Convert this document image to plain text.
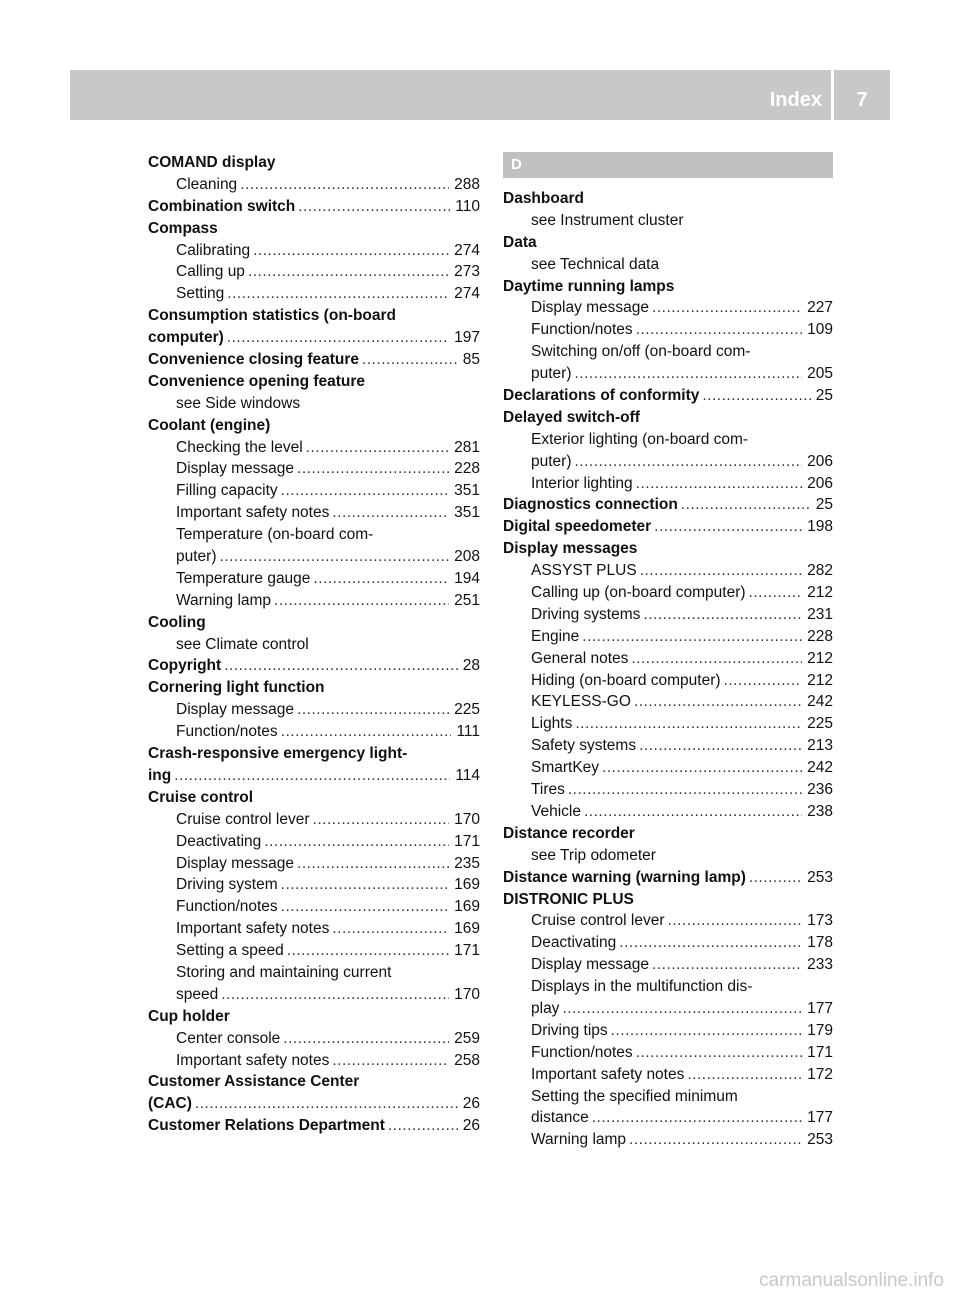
Index	7
COMAND display
Cleaning .....	288
Combination switch .....	110
Compass
Calibrating .....	274
Calling up .....	273
Setting .....	274
Consumption statistics (on-board
computer) .....	197
Convenience closing feature .....	85
Convenience opening feature
see Side windows
Coolant (engine)
Checking the level .....	281
Display message .....	228
Filling capacity .....	351
Important safety notes .....	351
Temperature (on-board com-
puter) .....	208
Temperature gauge .....	194
Warning lamp .....	251
Cooling
see Climate control
Copyright .....	28
Cornering light function
Display message .....	225
Function/notes .....	111
Crash-responsive emergency light-
ing .....	114
Cruise control
Cruise control lever .....	170
Deactivating .....	171
Display message .....	235
Driving system .....	169
Function/notes .....	169
Important safety notes .....	169
Setting a speed .....	171
Storing and maintaining current
speed .....	170
Cup holder
Center console .....	259
Important safety notes .....	258
Customer Assistance Center
(CAC) .....	26
Customer Relations Department .....	26
D
Dashboard
see Instrument cluster
Data
see Technical data
Daytime running lamps
Display message .....	227
Function/notes .....	109
Switching on/off (on-board com-
puter) .....	205
Declarations of conformity .....	25
Delayed switch-off
Exterior lighting (on-board com-
puter) .....	206
Interior lighting .....	206
Diagnostics connection .....	25
Digital speedometer .....	198
Display messages
ASSYST PLUS .....	282
Calling up (on-board computer) .....	212
Driving systems .....	231
Engine .....	228
General notes .....	212
Hiding (on-board computer) .....	212
KEYLESS-GO .....	242
Lights .....	225
Safety systems .....	213
SmartKey .....	242
Tires .....	236
Vehicle .....	238
Distance recorder
see Trip odometer
Distance warning (warning lamp) .....	253
DISTRONIC PLUS
Cruise control lever .....	173
Deactivating .....	178
Display message .....	233
Displays in the multifunction dis-
play .....	177
Driving tips .....	179
Function/notes .....	171
Important safety notes .....	172
Setting the specified minimum
distance .....	177
Warning lamp .....	253
carmanualsonline.info
